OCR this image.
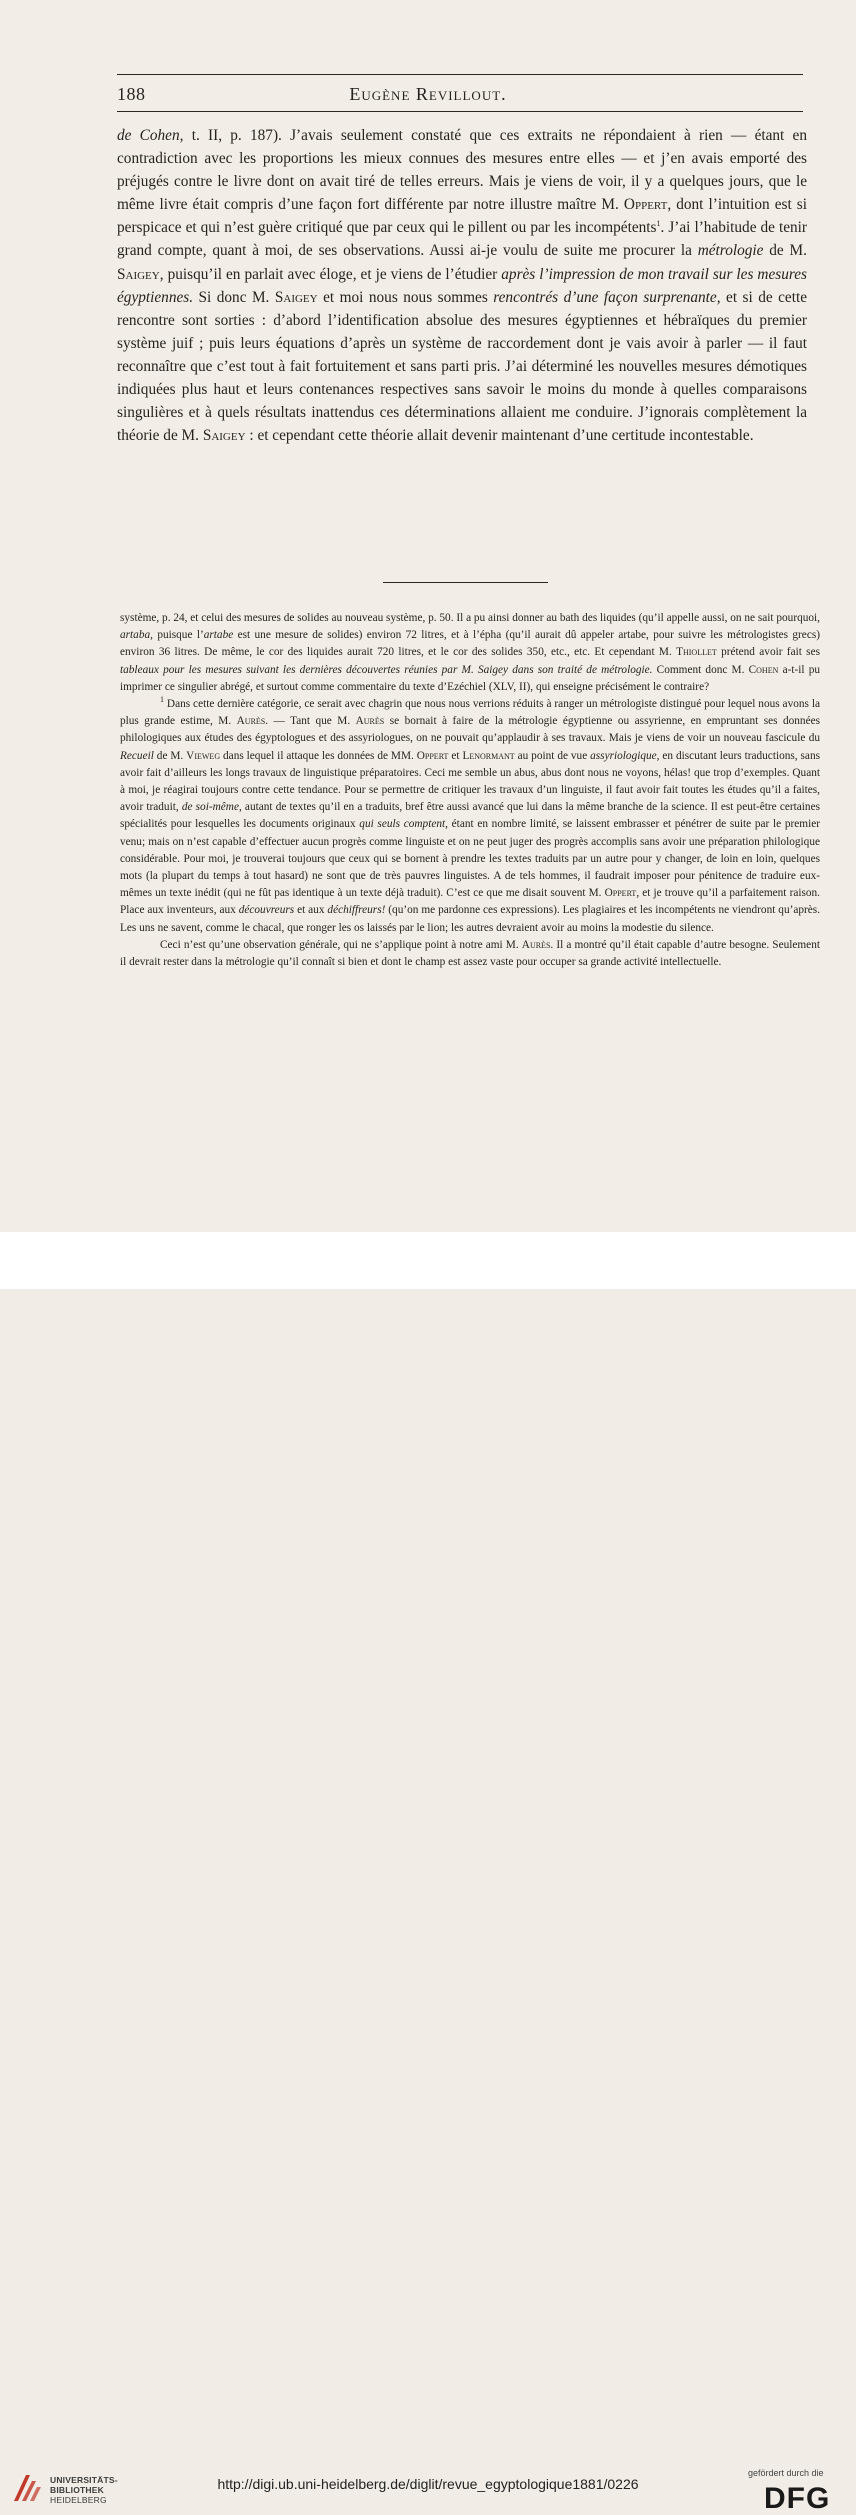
188	Eugène Revillout.

de Cohen, t. II, p. 187). J’avais seulement constaté que ces extraits ne répondaient à rien — étant en contradiction avec les proportions les mieux connues des mesures entre elles — et j’en avais emporté des préjugés contre le livre dont on avait tiré de telles erreurs. Mais je viens de voir, il y a quelques jours, que le même livre était compris d’une façon fort différente par notre illustre maître M. Oppert, dont l’intuition est si perspicace et qui n’est guère critiqué que par ceux qui le pillent ou par les incompétents$^1$. J’ai l’habitude de tenir grand compte, quant à moi, de ses observations. Aussi ai-je voulu de suite me procurer la métrologie de M. Saigey, puisqu’il en parlait avec éloge, et je viens de l’étudier après l’impression de mon travail sur les mesures égyptiennes. Si donc M. Saigey et moi nous nous sommes rencontrés d’une façon surprenante, et si de cette rencontre sont sorties : d’abord l’identification absolue des mesures égyptiennes et hébraïques du premier système juif ; puis leurs équations d’après un système de raccordement dont je vais avoir à parler — il faut reconnaître que c’est tout à fait fortuitement et sans parti pris. J’ai déterminé les nouvelles mesures démotiques indiquées plus haut et leurs contenances respectives sans savoir le moins du monde à quelles comparaisons singulières et à quels résultats inattendus ces déterminations allaient me conduire. J’ignorais complètement la théorie de M. Saigey : et cependant cette théorie allait devenir maintenant d’une certitude incontestable.

système, p. 24, et celui des mesures de solides au nouveau système, p. 50. Il a pu ainsi donner au bath des liquides (qu’il appelle aussi, on ne sait pourquoi, artaba, puisque l’artabe est une mesure de solides) environ 72 litres, et à l’épha (qu’il aurait dû appeler artabe, pour suivre les métrologistes grecs) environ 36 litres. De même, le cor des liquides aurait 720 litres, et le cor des solides 350, etc., etc. Et cependant M. Thiollet prétend avoir fait ses tableaux pour les mesures suivant les dernières découvertes réunies par M. Saigey dans son traité de métrologie. Comment donc M. Cohen a-t-il pu imprimer ce singulier abrégé, et surtout comme commentaire du texte d’Ezéchiel (XLV, II), qui enseigne précisément le contraire?

$^1$ Dans cette dernière catégorie, ce serait avec chagrin que nous nous verrions réduits à ranger un métrologiste distingué pour lequel nous avons la plus grande estime, M. Aurès. — Tant que M. Aurès se bornait à faire de la métrologie égyptienne ou assyrienne, en empruntant ses données philologiques aux études des égyptologues et des assyriologues, on ne pouvait qu’applaudir à ses travaux. Mais je viens de voir un nouveau fascicule du Recueil de M. Vieweg dans lequel il attaque les données de MM. Oppert et Lenormant au point de vue assyriologique, en discutant leurs traductions, sans avoir fait d’ailleurs les longs travaux de linguistique préparatoires. Ceci me semble un abus, abus dont nous ne voyons, hélas! que trop d’exemples. Quant à moi, je réagirai toujours contre cette tendance. Pour se permettre de critiquer les travaux d’un linguiste, il faut avoir fait toutes les études qu’il a faites, avoir traduit, de soi-même, autant de textes qu’il en a traduits, bref être aussi avancé que lui dans la même branche de la science. Il est peut-être certaines spécialités pour lesquelles les documents originaux qui seuls comptent, étant en nombre limité, se laissent embrasser et pénétrer de suite par le premier venu; mais on n’est capable d’effectuer aucun progrès comme linguiste et on ne peut juger des progrès accomplis sans avoir une préparation philologique considérable. Pour moi, je trouverai toujours que ceux qui se bornent à prendre les textes traduits par un autre pour y changer, de loin en loin, quelques mots (la plupart du temps à tout hasard) ne sont que de très pauvres linguistes. A de tels hommes, il faudrait imposer pour pénitence de traduire eux-mêmes un texte inédit (qui ne fût pas identique à un texte déjà traduit). C’est ce que me disait souvent M. Oppert, et je trouve qu’il a parfaitement raison. Place aux inventeurs, aux découvreurs et aux déchiffreurs! (qu’on me pardonne ces expressions). Les plagiaires et les incompétents ne viendront qu’après. Les uns ne savent, comme le chacal, que ronger les os laissés par le lion; les autres devraient avoir au moins la modestie du silence.

Ceci n’est qu’une observation générale, qui ne s’applique point à notre ami M. Aurès. Il a montré qu’il était capable d’autre besogne. Seulement il devrait rester dans la métrologie qu’il connaît si bien et dont le champ est assez vaste pour occuper sa grande activité intellectuelle.

UNIVERSITÄTS-
BIBLIOTHEK
HEIDELBERG
http://digi.ub.uni-heidelberg.de/diglit/revue_egyptologique1881/0226
gefördert durch die
DFG
